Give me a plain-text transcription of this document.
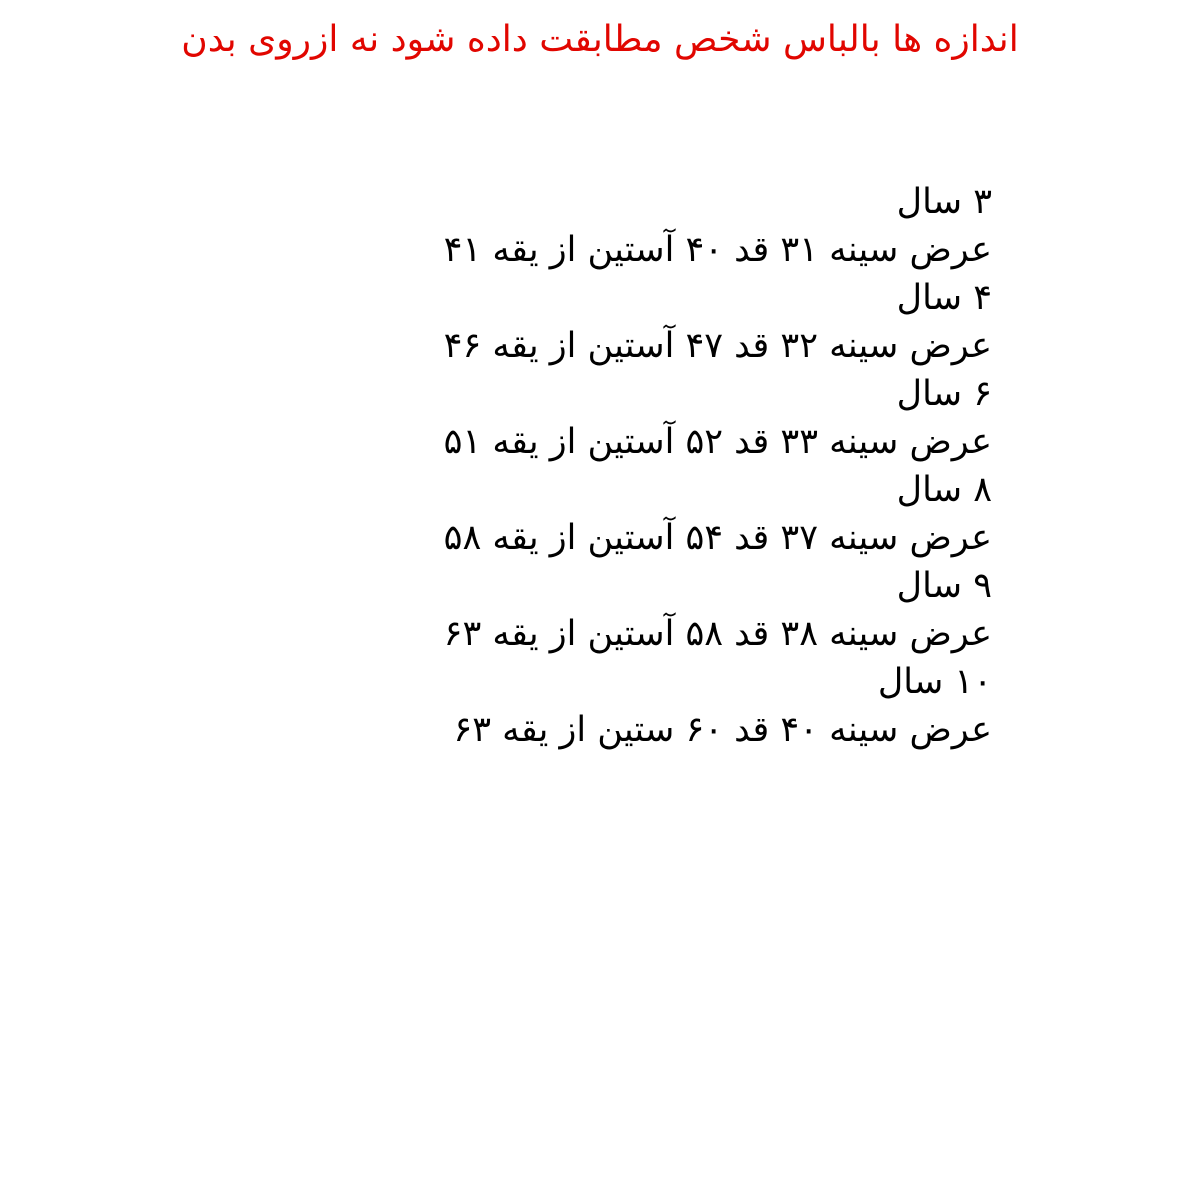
اندازه ها بالباس شخص مطابقت داده شود نه ازروی بدن
۳ سال
عرض سینه ۳۱ قد ۴۰ آستین از یقه ۴۱
۴ سال
عرض سینه ۳۲ قد ۴۷ آستین از یقه ۴۶
۶ سال
عرض سینه ۳۳ قد ۵۲ آستین از یقه ۵۱
۸ سال
عرض سینه ۳۷ قد ۵۴ آستین از یقه ۵۸
۹ سال
عرض سینه ۳۸ قد ۵۸ آستین از یقه ۶۳
۱۰ سال
عرض سینه ۴۰ قد ۶۰ ستین از یقه ۶۳
